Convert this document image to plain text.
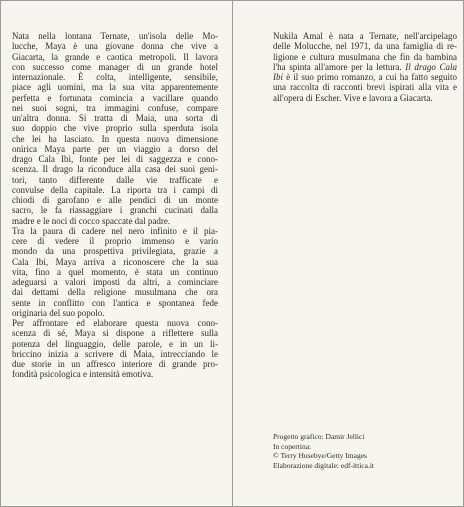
Nata nella lontana Ternate, un'isola delle Mo-
lucche, Maya è una giovane donna che vive a
Giacarta, la grande e caotica metropoli. Il lavora
con successo come manager di un grande hotel
internazionale. È colta, intelligente, sensibile,
piace agli uomini, ma la sua vita apparentemente
perfetta e fortunata comincia a vacillare quando
nei suoi sogni, tra immagini confuse, compare
un'altra donna. Si tratta di Maia, una sorta di
suo doppio che vive proprio sulla sperduta isola
che lei ha lasciato. In questa nuova dimensione
onirica Maya parte per un viaggio a dorso del
drago Cala Ibi, fonte per lei di saggezza e cono-
scenza. Il drago la riconduce alla casa dei suoi geni-
tori, tanto differente dalle vie trafficate e
convulse della capitale. La riporta tra i campi di
chiodi di garofano e alle pendici di un monte
sacro, le fa riassaggiare i granchi cucinati dalla
madre e le noci di cocco spaccate dal padre.
Tra la paura di cadere nel nero infinito e il pia-
cere di vedere il proprio immenso e vario
mondo da una prospettiva privilegiata, grazie a
Cala Ibi, Maya arriva a riconoscere che la sua
vita, fino a quel momento, è stata un continuo
adeguarsi a valori imposti da altri, a cominciare
dai dettami della religione musulmana che ora
sente in conflitto con l'antica e spontanea fede
originaria del suo popolo.
Per affrontare ed elaborare questa nuova cono-
scenza di sé, Maya si dispone a riflettere sulla
potenza del linguaggio, delle parole, e in un li-
briccino inizia a scrivere di Maia, intrecciando le
due storie in un affresco interiore di grande pro-
fondità psicologica e intensità emotiva.
Nukila Amal è nata a Ternate, nell'arcipelago
delle Molucche, nel 1971, da una famiglia di re-
ligione e cultura musulmana che fin da bambina
l'ha spinta all'amore per la lettura. Il drago Cala
Ibi è il suo primo romanzo, a cui ha fatto seguito
una raccolta di racconti brevi ispirati alla vita e
all'opera di Escher. Vive e lavora a Giacarta.
Progetto grafico: Damir Jellici
In copertina:
© Terry Husebye/Getty Images
Elaborazione digitale: edf-ittica.it
